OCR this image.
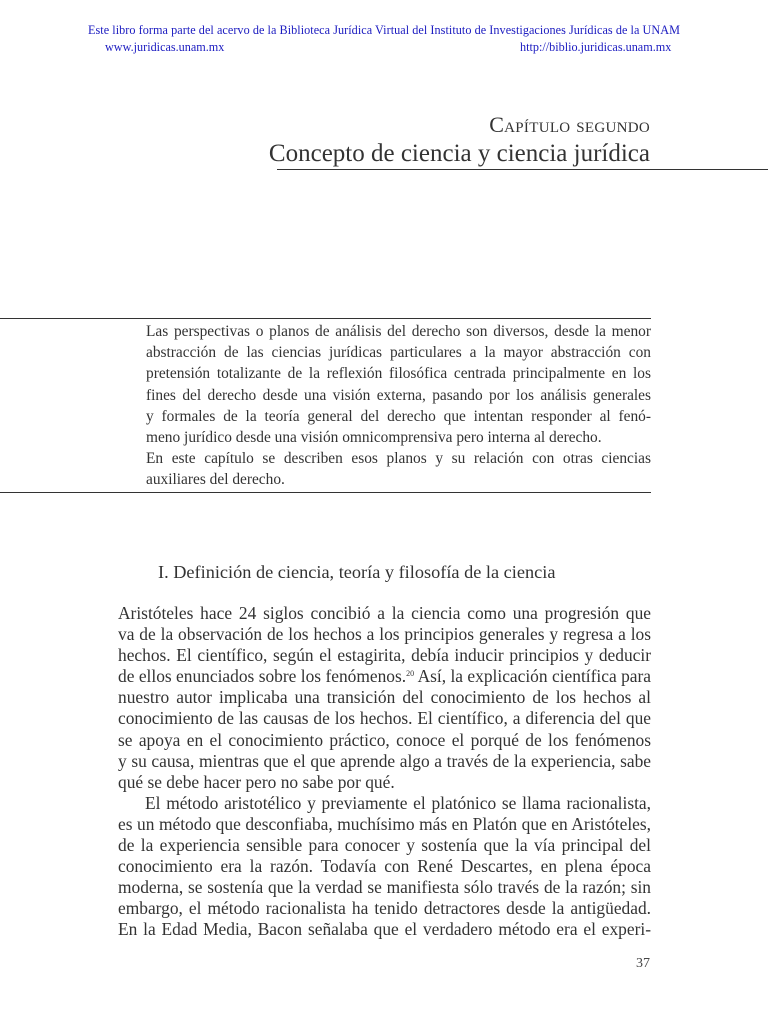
Este libro forma parte del acervo de la Biblioteca Jurídica Virtual del Instituto de Investigaciones Jurídicas de la UNAM
www.juridicas.unam.mx	http://biblio.juridicas.unam.mx
Capítulo segundo
Concepto de ciencia y ciencia jurídica
Las perspectivas o planos de análisis del derecho son diversos, desde la menor
abstracción de las ciencias jurídicas particulares a la mayor abstracción con
pretensión totalizante de la reflexión filosófica centrada principalmente en los
fines del derecho desde una visión externa, pasando por los análisis generales
y formales de la teoría general del derecho que intentan responder al fenó-
meno jurídico desde una visión omnicomprensiva pero interna al derecho.
En este capítulo se describen esos planos y su relación con otras ciencias
auxiliares del derecho.
I. Definición de ciencia, teoría y filosofía de la ciencia
Aristóteles hace 24 siglos concibió a la ciencia como una progresión que
va de la observación de los hechos a los principios generales y regresa a los
hechos. El científico, según el estagirita, debía inducir principios y deducir
de ellos enunciados sobre los fenómenos.$^{20}$ Así, la explicación científica para
nuestro autor implicaba una transición del conocimiento de los hechos al
conocimiento de las causas de los hechos. El científico, a diferencia del que
se apoya en el conocimiento práctico, conoce el porqué de los fenómenos
y su causa, mientras que el que aprende algo a través de la experiencia, sabe
qué se debe hacer pero no sabe por qué.
El método aristotélico y previamente el platónico se llama racionalista,
es un método que desconfiaba, muchísimo más en Platón que en Aristóteles,
de la experiencia sensible para conocer y sostenía que la vía principal del
conocimiento era la razón. Todavía con René Descartes, en plena época
moderna, se sostenía que la verdad se manifiesta sólo través de la razón; sin
embargo, el método racionalista ha tenido detractores desde la antigüedad.
En la Edad Media, Bacon señalaba que el verdadero método era el experi-
37
